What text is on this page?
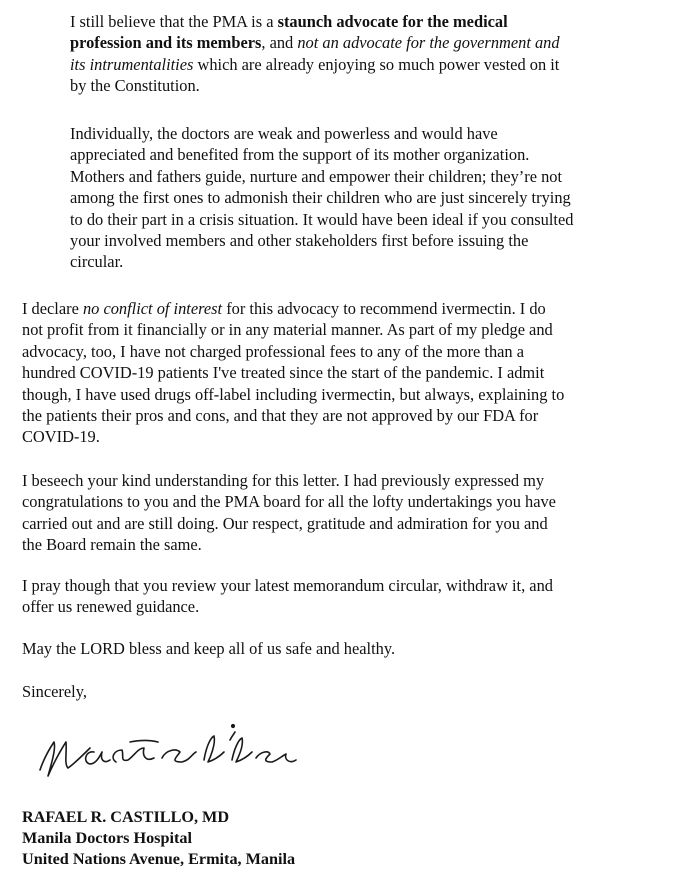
I still believe that the PMA is a staunch advocate for the medical
profession and its members, and not an advocate for the government and
its intrumentalities which are already enjoying so much power vested on it
by the Constitution.

Individually, the doctors are weak and powerless and would have
appreciated and benefited from the support of its mother organization.
Mothers and fathers guide, nurture and empower their children; they’re not
among the first ones to admonish their children who are just sincerely trying
to do their part in a crisis situation. It would have been ideal if you consulted
your involved members and other stakeholders first before issuing the
circular.

I declare no conflict of interest for this advocacy to recommend ivermectin. I do
not profit from it financially or in any material manner. As part of my pledge and
advocacy, too, I have not charged professional fees to any of the more than a
hundred COVID-19 patients I've treated since the start of the pandemic. I admit
though, I have used drugs off-label including ivermectin, but always, explaining to
the patients their pros and cons, and that they are not approved by our FDA for
COVID-19.

I beseech your kind understanding for this letter. I had previously expressed my
congratulations to you and the PMA board for all the lofty undertakings you have
carried out and are still doing. Our respect, gratitude and admiration for you and
the Board remain the same.

I pray though that you review your latest memorandum circular, withdraw it, and
offer us renewed guidance.

May the LORD bless and keep all of us safe and healthy.

Sincerely,

RAFAEL R. CASTILLO, MD
Manila Doctors Hospital
United Nations Avenue, Ermita, Manila
